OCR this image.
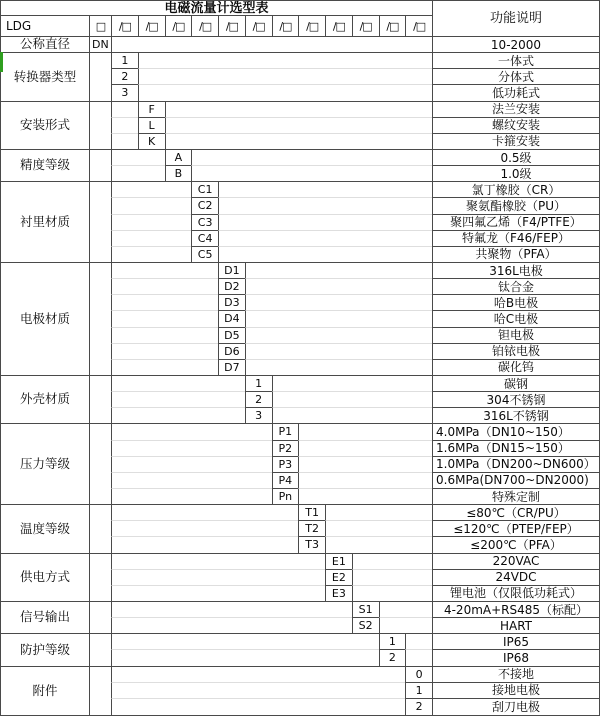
电磁流量计选型表
功能说明
LDG	□	/□	/□	/□	/□	/□	/□	/□	/□	/□	/□	/□	/□
公称直径	DN	10-2000
转换器类型
1	一体式
2	分体式
3	低功耗式
安装形式
F	法兰安装
L	螺纹安装
K	卡箍安装
精度等级	A	0.5级
B	1.0级
衬里材质
C1	氯丁橡胶（CR）
C2	聚氨酯橡胶（PU）
C3	聚四氟乙烯（F4/PTFE）
C4	特氟龙（F46/FEP）
C5	共聚物（PFA）
电极材质
D1	316L电极
D2	钛合金
D3	哈B电极
D4	哈C电极
D5	钽电极
D6	铂铱电极
D7	碳化钨
外壳材质
1	碳钢
2	304不锈钢
3	316L不锈钢
压力等级
P1	4.0MPa（DN10~150）
P2	1.6MPa（DN15~150）
P3	1.0MPa（DN200~DN600）
P4	0.6MPa(DN700~DN2000)
Pn	特殊定制
温度等级
T1	≤80℃（CR/PU）
T2	≤120℃（PTEP/FEP）
T3	≤200℃（PFA）
供电方式
E1	220VAC
E2	24VDC
E3	锂电池（仅限低功耗式）
信号输出	S1	4-20mA+RS485（标配）
S2	HART
防护等级	1	IP65
2	IP68
附件
0	不接地
1	接地电极
2	刮刀电极
